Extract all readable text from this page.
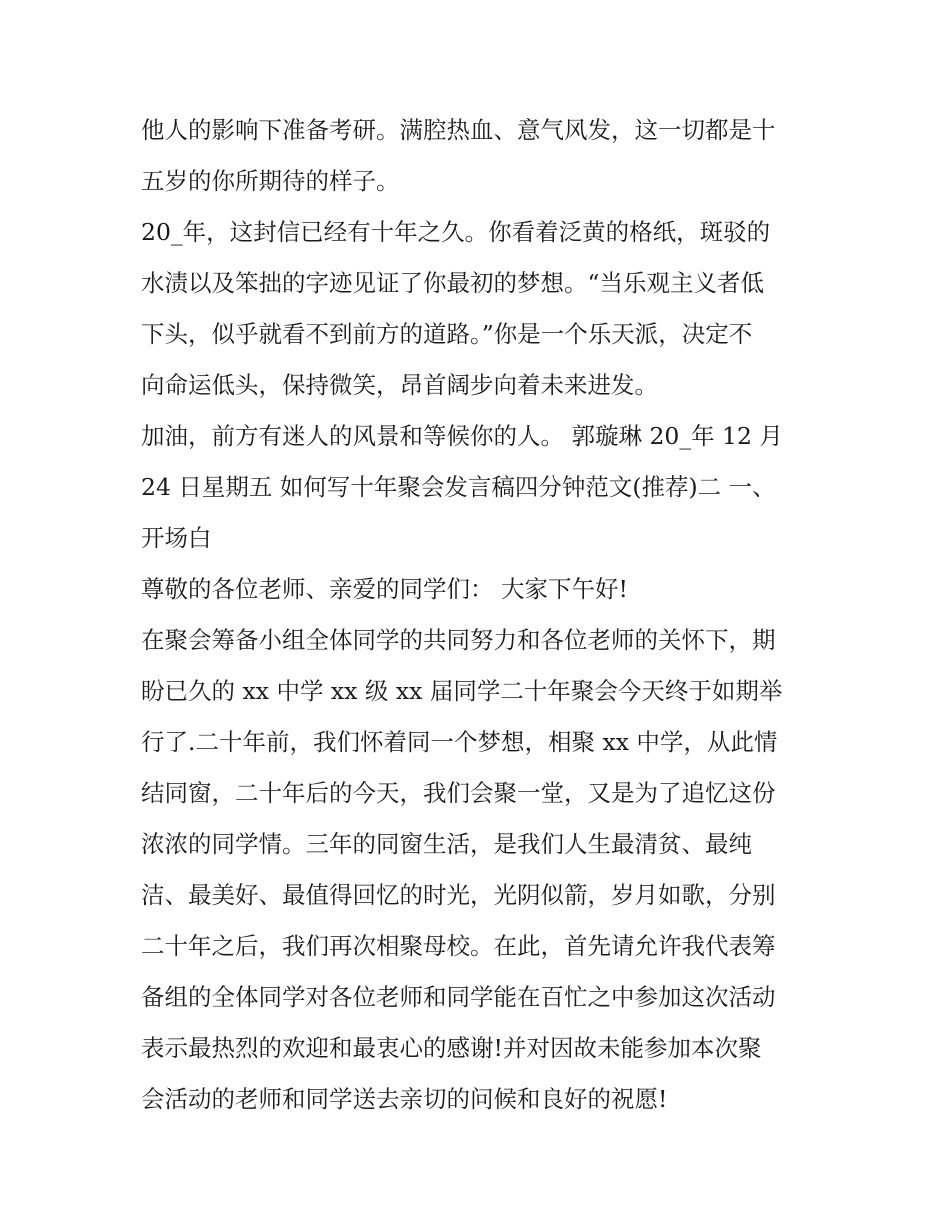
他人的影响下准备考研。满腔热血、意气风发，这一切都是十
五岁的你所期待的样子。
20_年，这封信已经有十年之久。你看着泛黄的格纸，斑驳的
水渍以及笨拙的字迹见证了你最初的梦想。“当乐观主义者低
下头，似乎就看不到前方的道路。”你是一个乐天派，决定不
向命运低头，保持微笑，昂首阔步向着未来进发。
加油，前方有迷人的风景和等候你的人。 郭璇琳 20_年 12 月
24 日星期五 如何写十年聚会发言稿四分钟范文(推荐)二 一、
开场白
尊敬的各位老师、亲爱的同学们： 大家下午好!
在聚会筹备小组全体同学的共同努力和各位老师的关怀下，期
盼已久的 xx 中学 xx 级 xx 届同学二十年聚会今天终于如期举
行了.二十年前，我们怀着同一个梦想，相聚 xx 中学，从此情
结同窗，二十年后的今天，我们会聚一堂，又是为了追忆这份
浓浓的同学情。三年的同窗生活，是我们人生最清贫、最纯
洁、最美好、最值得回忆的时光，光阴似箭，岁月如歌，分别
二十年之后，我们再次相聚母校。在此，首先请允许我代表筹
备组的全体同学对各位老师和同学能在百忙之中参加这次活动
表示最热烈的欢迎和最衷心的感谢!并对因故未能参加本次聚
会活动的老师和同学送去亲切的问候和良好的祝愿!
